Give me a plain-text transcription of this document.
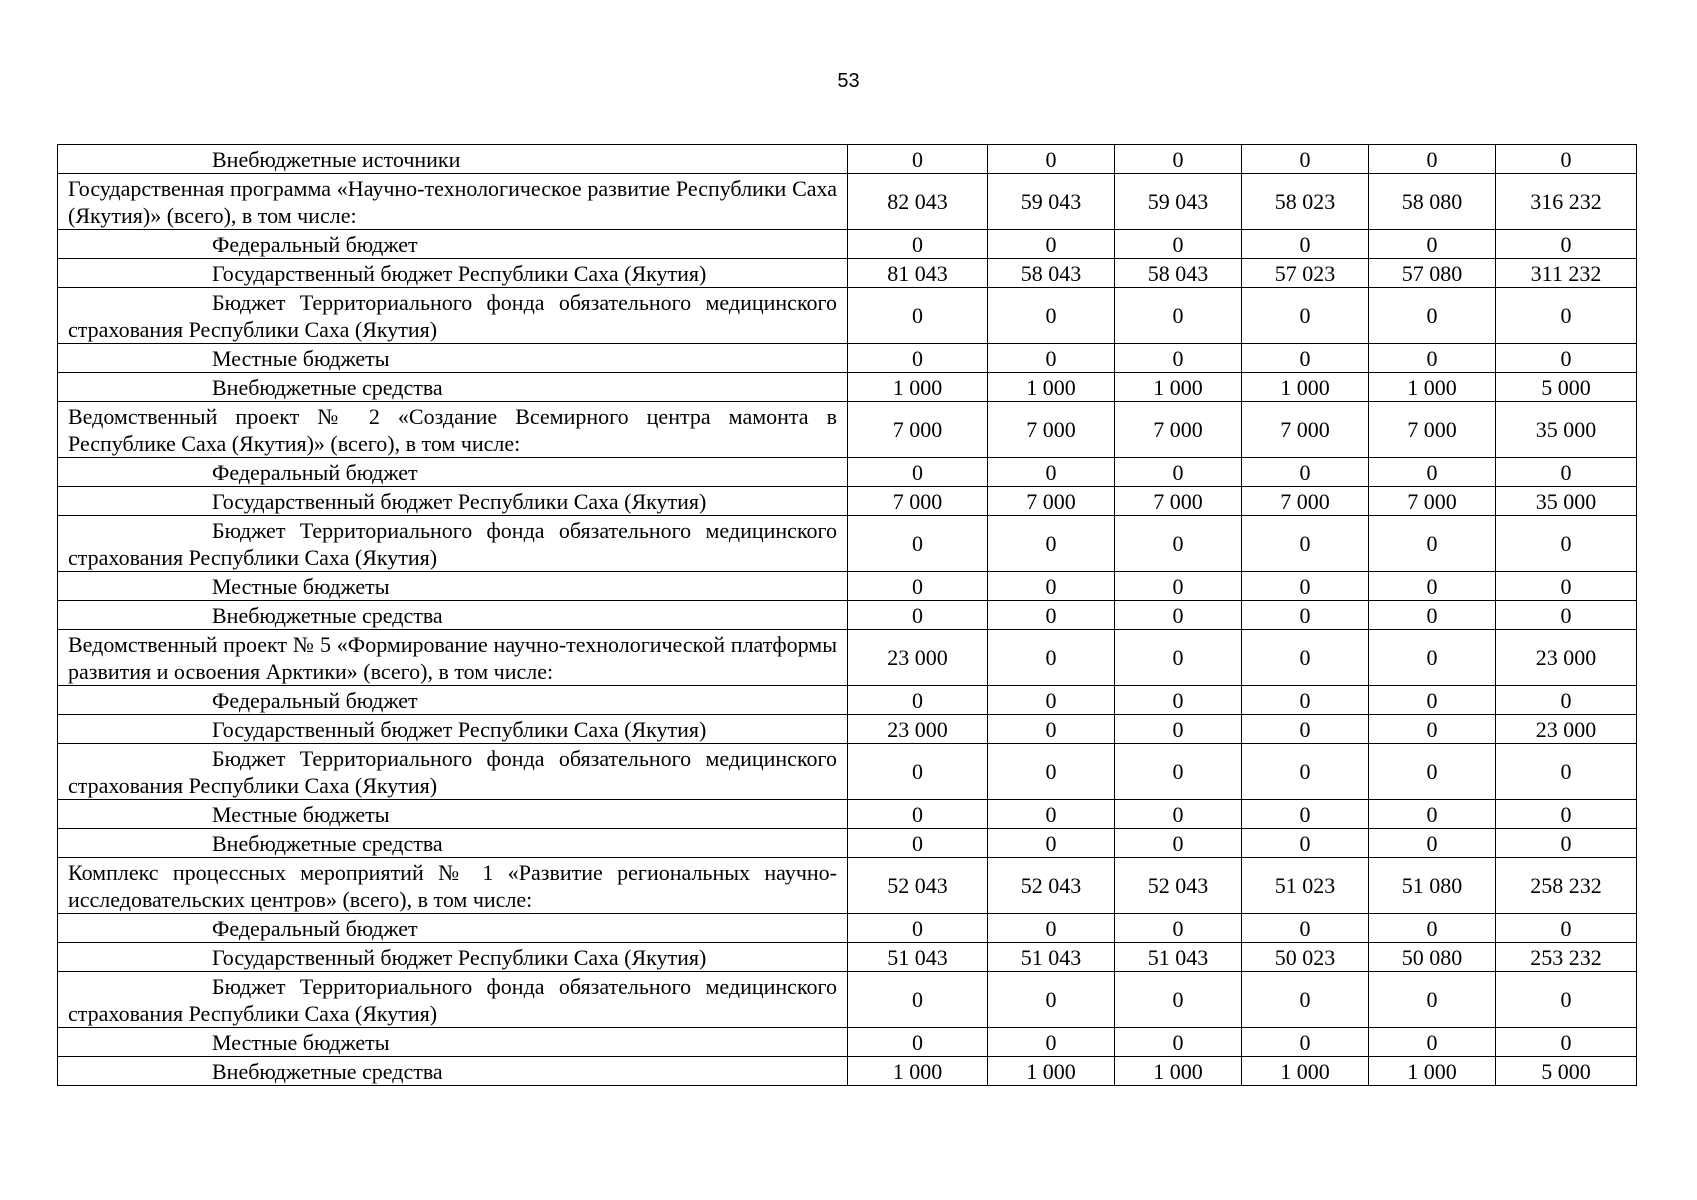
53
Внебюджетные источники	0	0	0	0	0	0
Государственная программа «Научно-технологическое развитие Республики Саха (Якутия)» (всего), в том числе:	82 043	59 043	59 043	58 023	58 080	316 232
Федеральный бюджет	0	0	0	0	0	0
Государственный бюджет Республики Саха (Якутия)	81 043	58 043	58 043	57 023	57 080	311 232
Бюджет Территориального фонда обязательного медицинского страхования Республики Саха (Якутия)	0	0	0	0	0	0
Местные бюджеты	0	0	0	0	0	0
Внебюджетные средства	1 000	1 000	1 000	1 000	1 000	5 000
Ведомственный проект № 2 «Создание Всемирного центра мамонта в Республике Саха (Якутия)» (всего), в том числе:	7 000	7 000	7 000	7 000	7 000	35 000
Федеральный бюджет	0	0	0	0	0	0
Государственный бюджет Республики Саха (Якутия)	7 000	7 000	7 000	7 000	7 000	35 000
Бюджет Территориального фонда обязательного медицинского страхования Республики Саха (Якутия)	0	0	0	0	0	0
Местные бюджеты	0	0	0	0	0	0
Внебюджетные средства	0	0	0	0	0	0
Ведомственный проект № 5 «Формирование научно-технологической платформы развития и освоения Арктики» (всего), в том числе:	23 000	0	0	0	0	23 000
Федеральный бюджет	0	0	0	0	0	0
Государственный бюджет Республики Саха (Якутия)	23 000	0	0	0	0	23 000
Бюджет Территориального фонда обязательного медицинского страхования Республики Саха (Якутия)	0	0	0	0	0	0
Местные бюджеты	0	0	0	0	0	0
Внебюджетные средства	0	0	0	0	0	0
Комплекс процессных мероприятий № 1 «Развитие региональных научно-исследовательских центров» (всего), в том числе:	52 043	52 043	52 043	51 023	51 080	258 232
Федеральный бюджет	0	0	0	0	0	0
Государственный бюджет Республики Саха (Якутия)	51 043	51 043	51 043	50 023	50 080	253 232
Бюджет Территориального фонда обязательного медицинского страхования Республики Саха (Якутия)	0	0	0	0	0	0
Местные бюджеты	0	0	0	0	0	0
Внебюджетные средства	1 000	1 000	1 000	1 000	1 000	5 000
